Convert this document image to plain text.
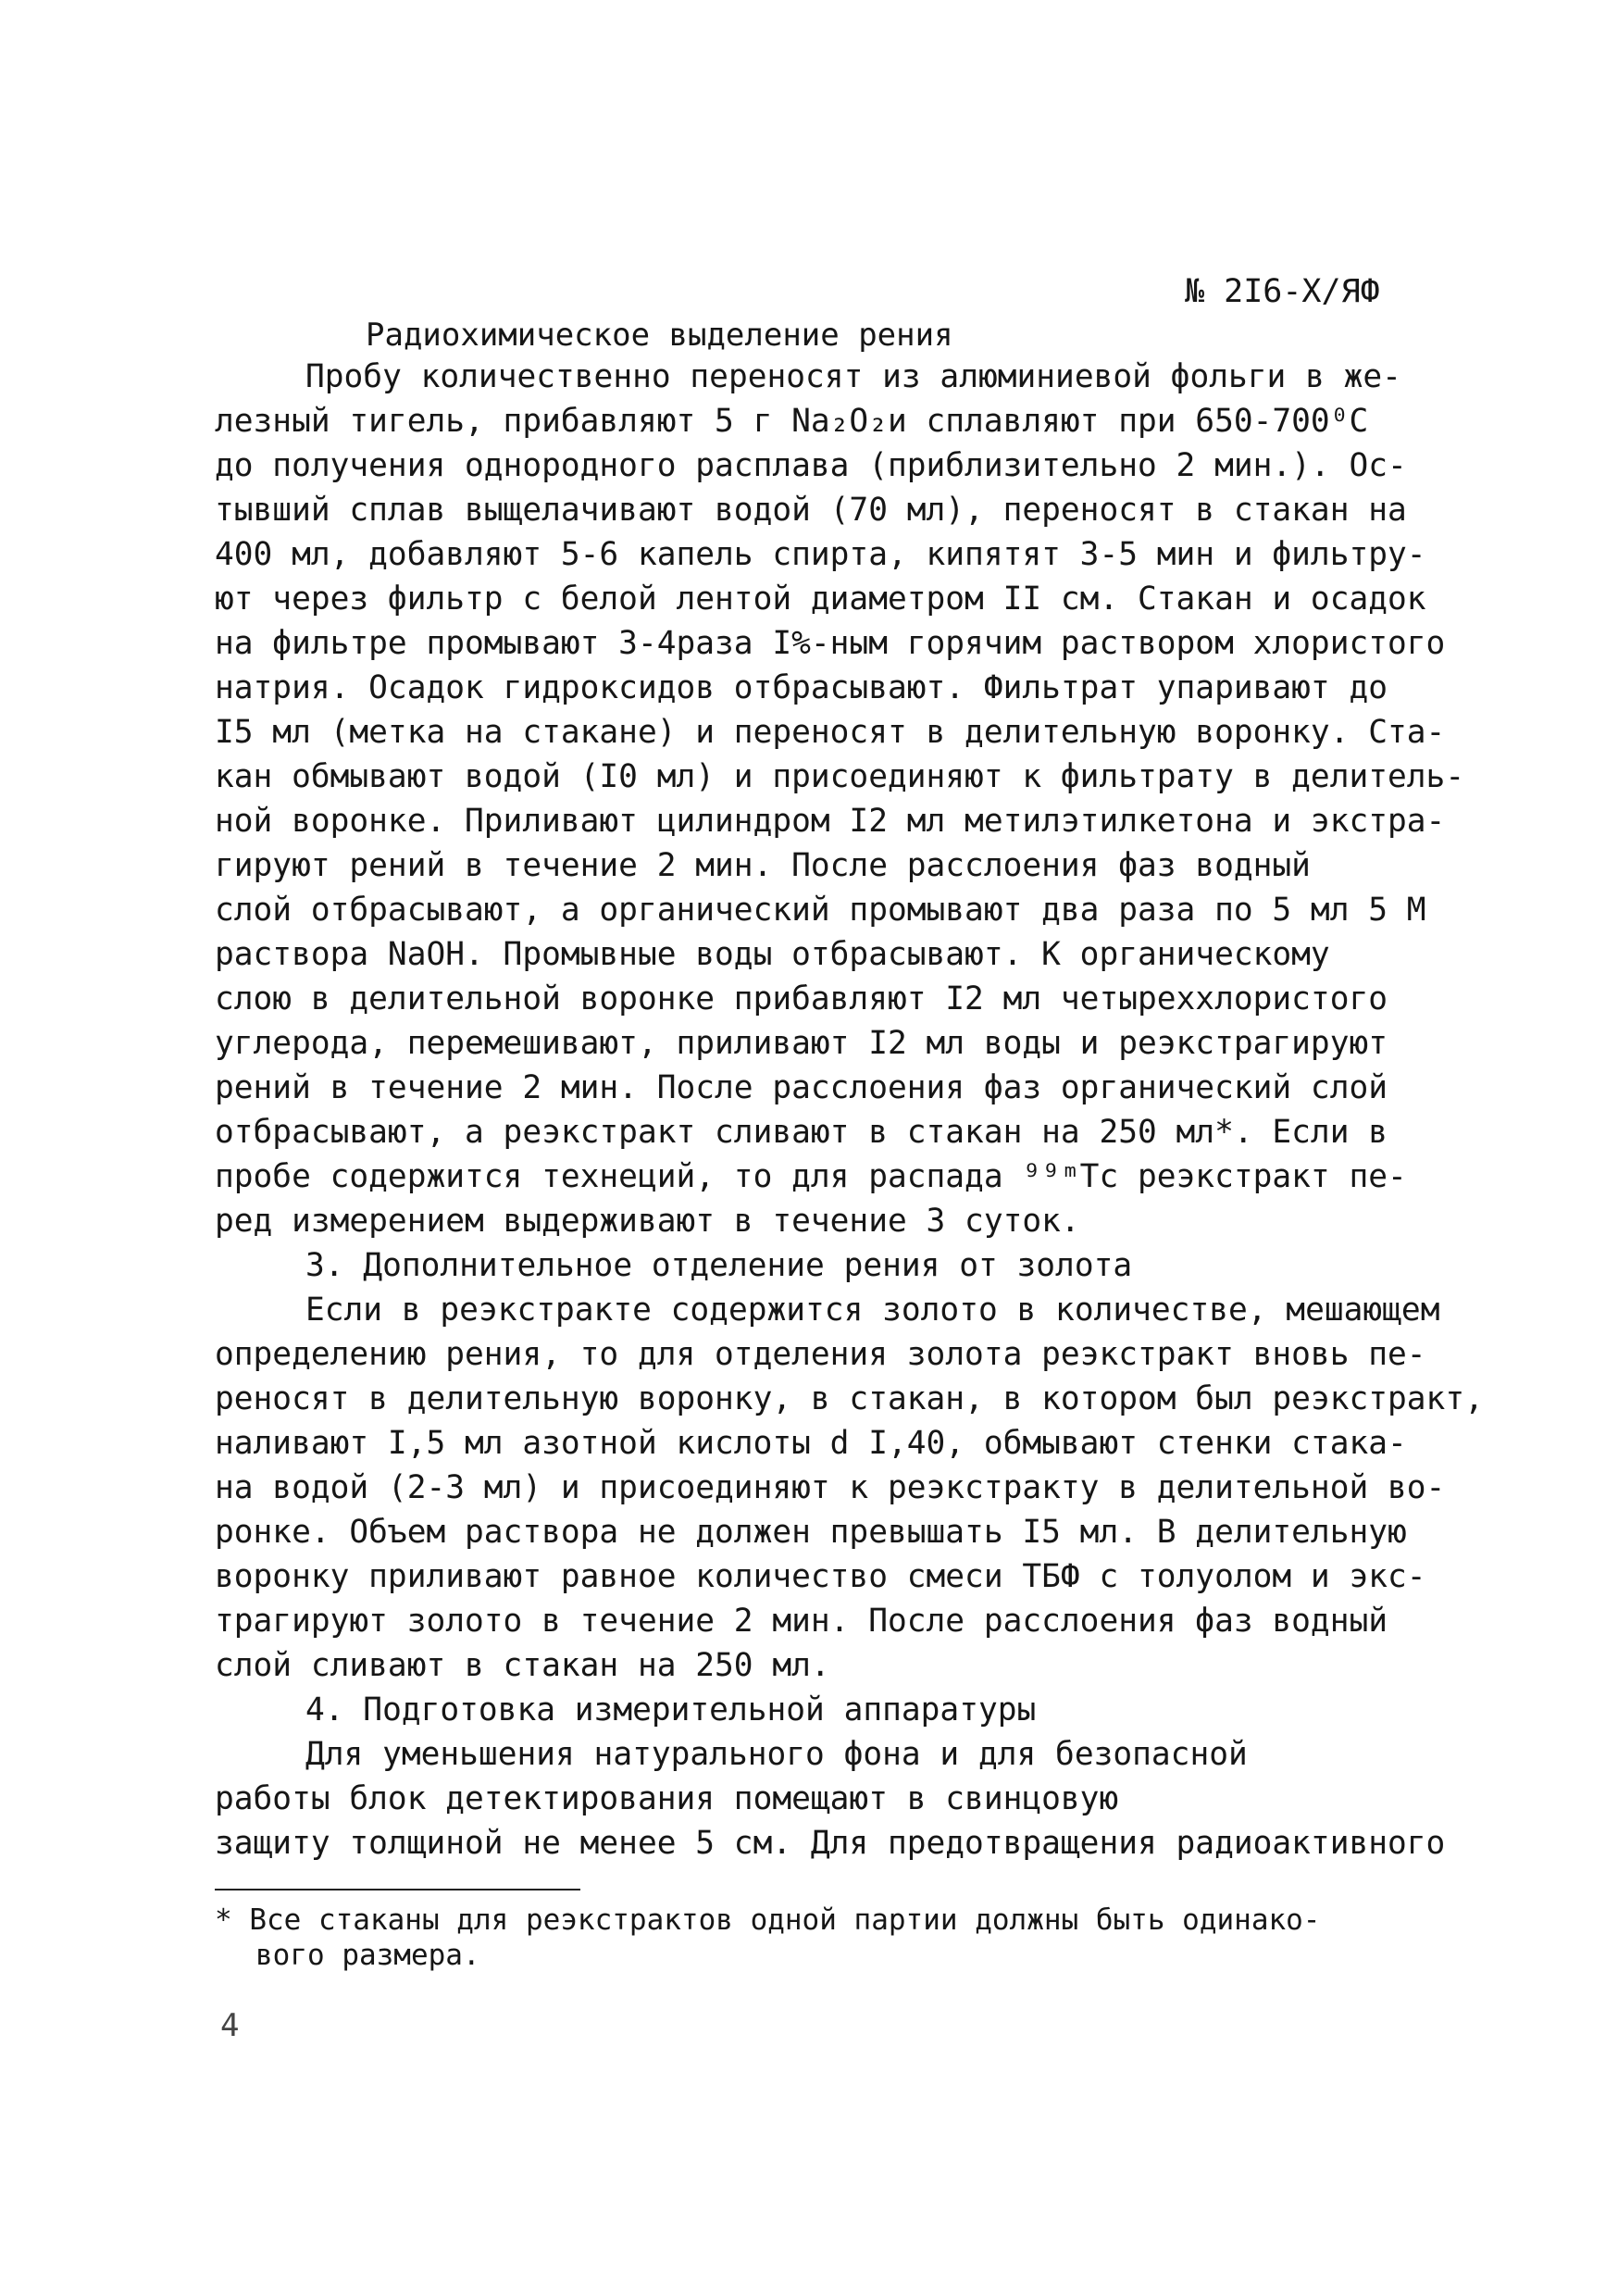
№ 2I6-X/ЯФ
Радиохимическое выделение рения
Пробу количественно переносят из алюминиевой фольги в же-
лезный тигель, прибавляют 5 г Na₂O₂и сплавляют при 650-700⁰С
до получения однородного расплава (приблизительно 2 мин.). Ос-
тывший сплав выщелачивают водой (70 мл), переносят в стакан на
400 мл, добавляют 5-6 капель спирта, кипятят 3-5 мин и фильтру-
ют через фильтр с белой лентой диаметром II см. Стакан и осадок
на фильтре промывают 3-4раза I%-ным горячим раствором хлористого
натрия. Осадок гидроксидов отбрасывают. Фильтрат упаривают до
I5 мл (метка на стакане) и переносят в делительную воронку. Ста-
кан обмывают водой (I0 мл) и присоединяют к фильтрату в делитель-
ной воронке. Приливают цилиндром I2 мл метилэтилкетона и экстра-
гируют рений в течение 2 мин. После расслоения фаз водный
слой отбрасывают, а органический промывают два раза по 5 мл 5 М
раствора NaOH. Промывные воды отбрасывают. К органическому
слою в делительной воронке прибавляют I2 мл четыреххлористого
углерода, перемешивают, приливают I2 мл воды и реэкстрагируют
рений в течение 2 мин. После расслоения фаз органический слой
отбрасывают, а реэкстракт сливают в стакан на 250 мл*. Если в
пробе содержится технеций, то для распада ⁹⁹ᵐTc реэкстракт пе-
ред измерением выдерживают в течение 3 суток.
3. Дополнительное отделение рения от золота
Если в реэкстракте содержится золото в количестве, мешающем
определению рения, то для отделения золота реэкстракт вновь пе-
реносят в делительную воронку, в стакан, в котором был реэкстракт,
наливают I,5 мл азотной кислоты d I,40, обмывают стенки стака-
на водой (2-3 мл) и присоединяют к реэкстракту в делительной во-
ронке. Объем раствора не должен превышать I5 мл. В делительную
воронку приливают равное количество смеси ТБФ с толуолом и экс-
трагируют золото в течение 2 мин. После расслоения фаз водный
слой сливают в стакан на 250 мл.
4. Подготовка измерительной аппаратуры
Для уменьшения натурального фона и для безопасной
работы блок детектирования помещают в свинцовую
защиту толщиной не менее 5 см. Для предотвращения радиоактивного
* Все стаканы для реэкстрактов одной партии должны быть одинако-
вого размера.
4
